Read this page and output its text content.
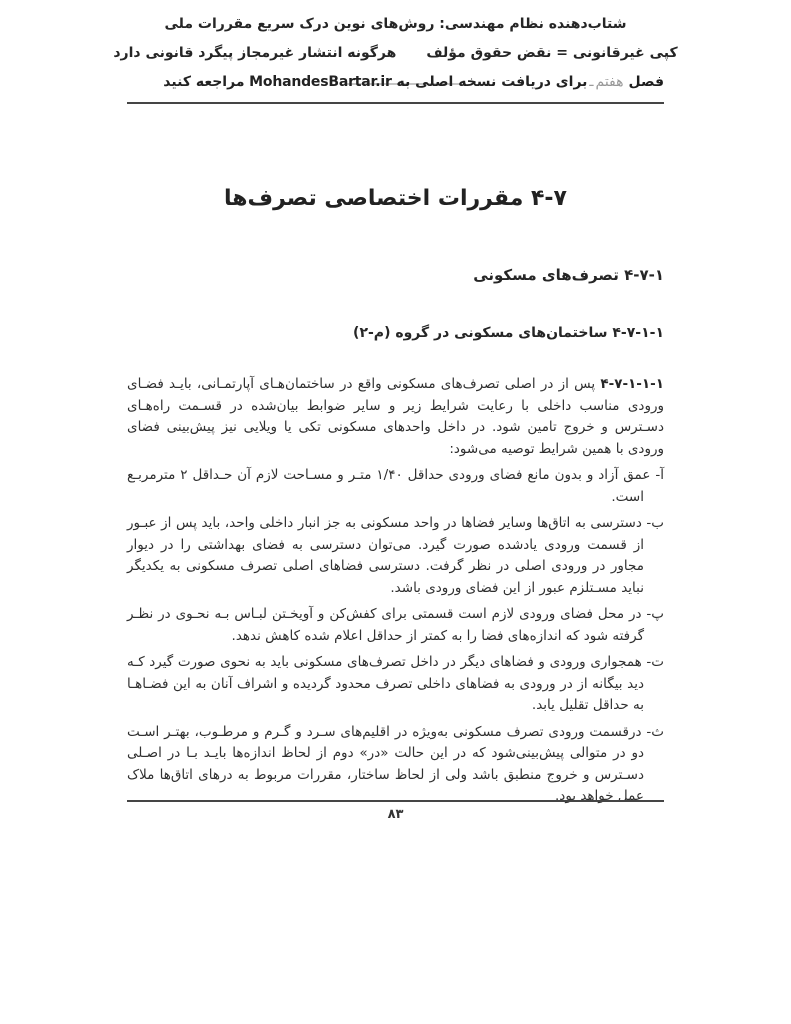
شتاب‌دهنده نظام مهندسی: روش‌های نوین درک سریع مقررات ملی
کپی غیرقانونی = نقض حقوق مؤلف
هرگونه انتشار غیرمجاز پیگرد قانونی دارد
فصل
هفتم
ـ
برای دریافت نسخه اصلی به MohandesBartar.ir مراجعه کنید
۴-۷ مقررات اختصاصی تصرف‌ها
۴-۷-۱ تصرف‌های مسکونی
۴-۷-۱-۱ ساختمان‌های مسکونی در گروه (م-۲)

۴-۷-۱-۱-۱ پس از در اصلی تصرف‌های مسکونی واقع در ساختمان‌هـای آپارتمـانی، بایـد فضـای ورودی مناسب داخلی با رعایت شرایط زیر و سایر ضوابط بیان‌شده در قسـمت راه‌هـای دسـترس و خروج تامین شود. در داخل واحدهای مسکونی تکی یا ویلایی نیز پیش‌بینی فضای ورودی با همین شرایط توصیه می‌شود:

آ- عمق آزاد و بدون مانع فضای ورودی حداقل ۱/۴۰ متـر و مسـاحت لازم آن حـداقل ۲ مترمربـع است.
ب- دسترسی به اتاق‌ها وسایر فضاها در واحد مسکونی به جز انبار داخلی واحد، باید پس از عبـور از قسمت ورودی یادشده صورت گیرد. می‌توان دسترسی به فضای بهداشتی را در دیوار مجاور در ورودی اصلی در نظر گرفت. دسترسی فضاهای اصلی تصرف مسکونی به یکدیگر نباید مسـتلزم عبور از این فضای ورودی باشد.
پ- در محل فضای ورودی لازم است قسمتی برای کفش‌کن و آویخـتن لبـاس بـه نحـوی در نظـر گرفته شود که اندازه‌های فضا را به کمتر از حداقل اعلام شده کاهش ندهد.
ت- همجواری ورودی و فضاهای دیگر در داخل تصرف‌های مسکونی باید به نحوی صورت گیرد کـه دید بیگانه از در ورودی به فضاهای داخلی تصرف محدود گردیده و اشراف آنان به این فضـاهـا به حداقل تقلیل یابد.
ث- درقسمت ورودی تصرف مسکونی به‌ویژه در اقلیم‌های سـرد و گـرم و مرطـوب، بهتـر اسـت دو در متوالی پیش‌بینی‌شود که در این حالت «در» دوم از لحاظ اندازه‌ها بایـد بـا در اصـلی دسـترس و خروج منطبق باشد ولی از لحاظ ساختار، مقررات مربوط به درهای اتاق‌ها ملاک عمل خواهد بود.
۸۳
